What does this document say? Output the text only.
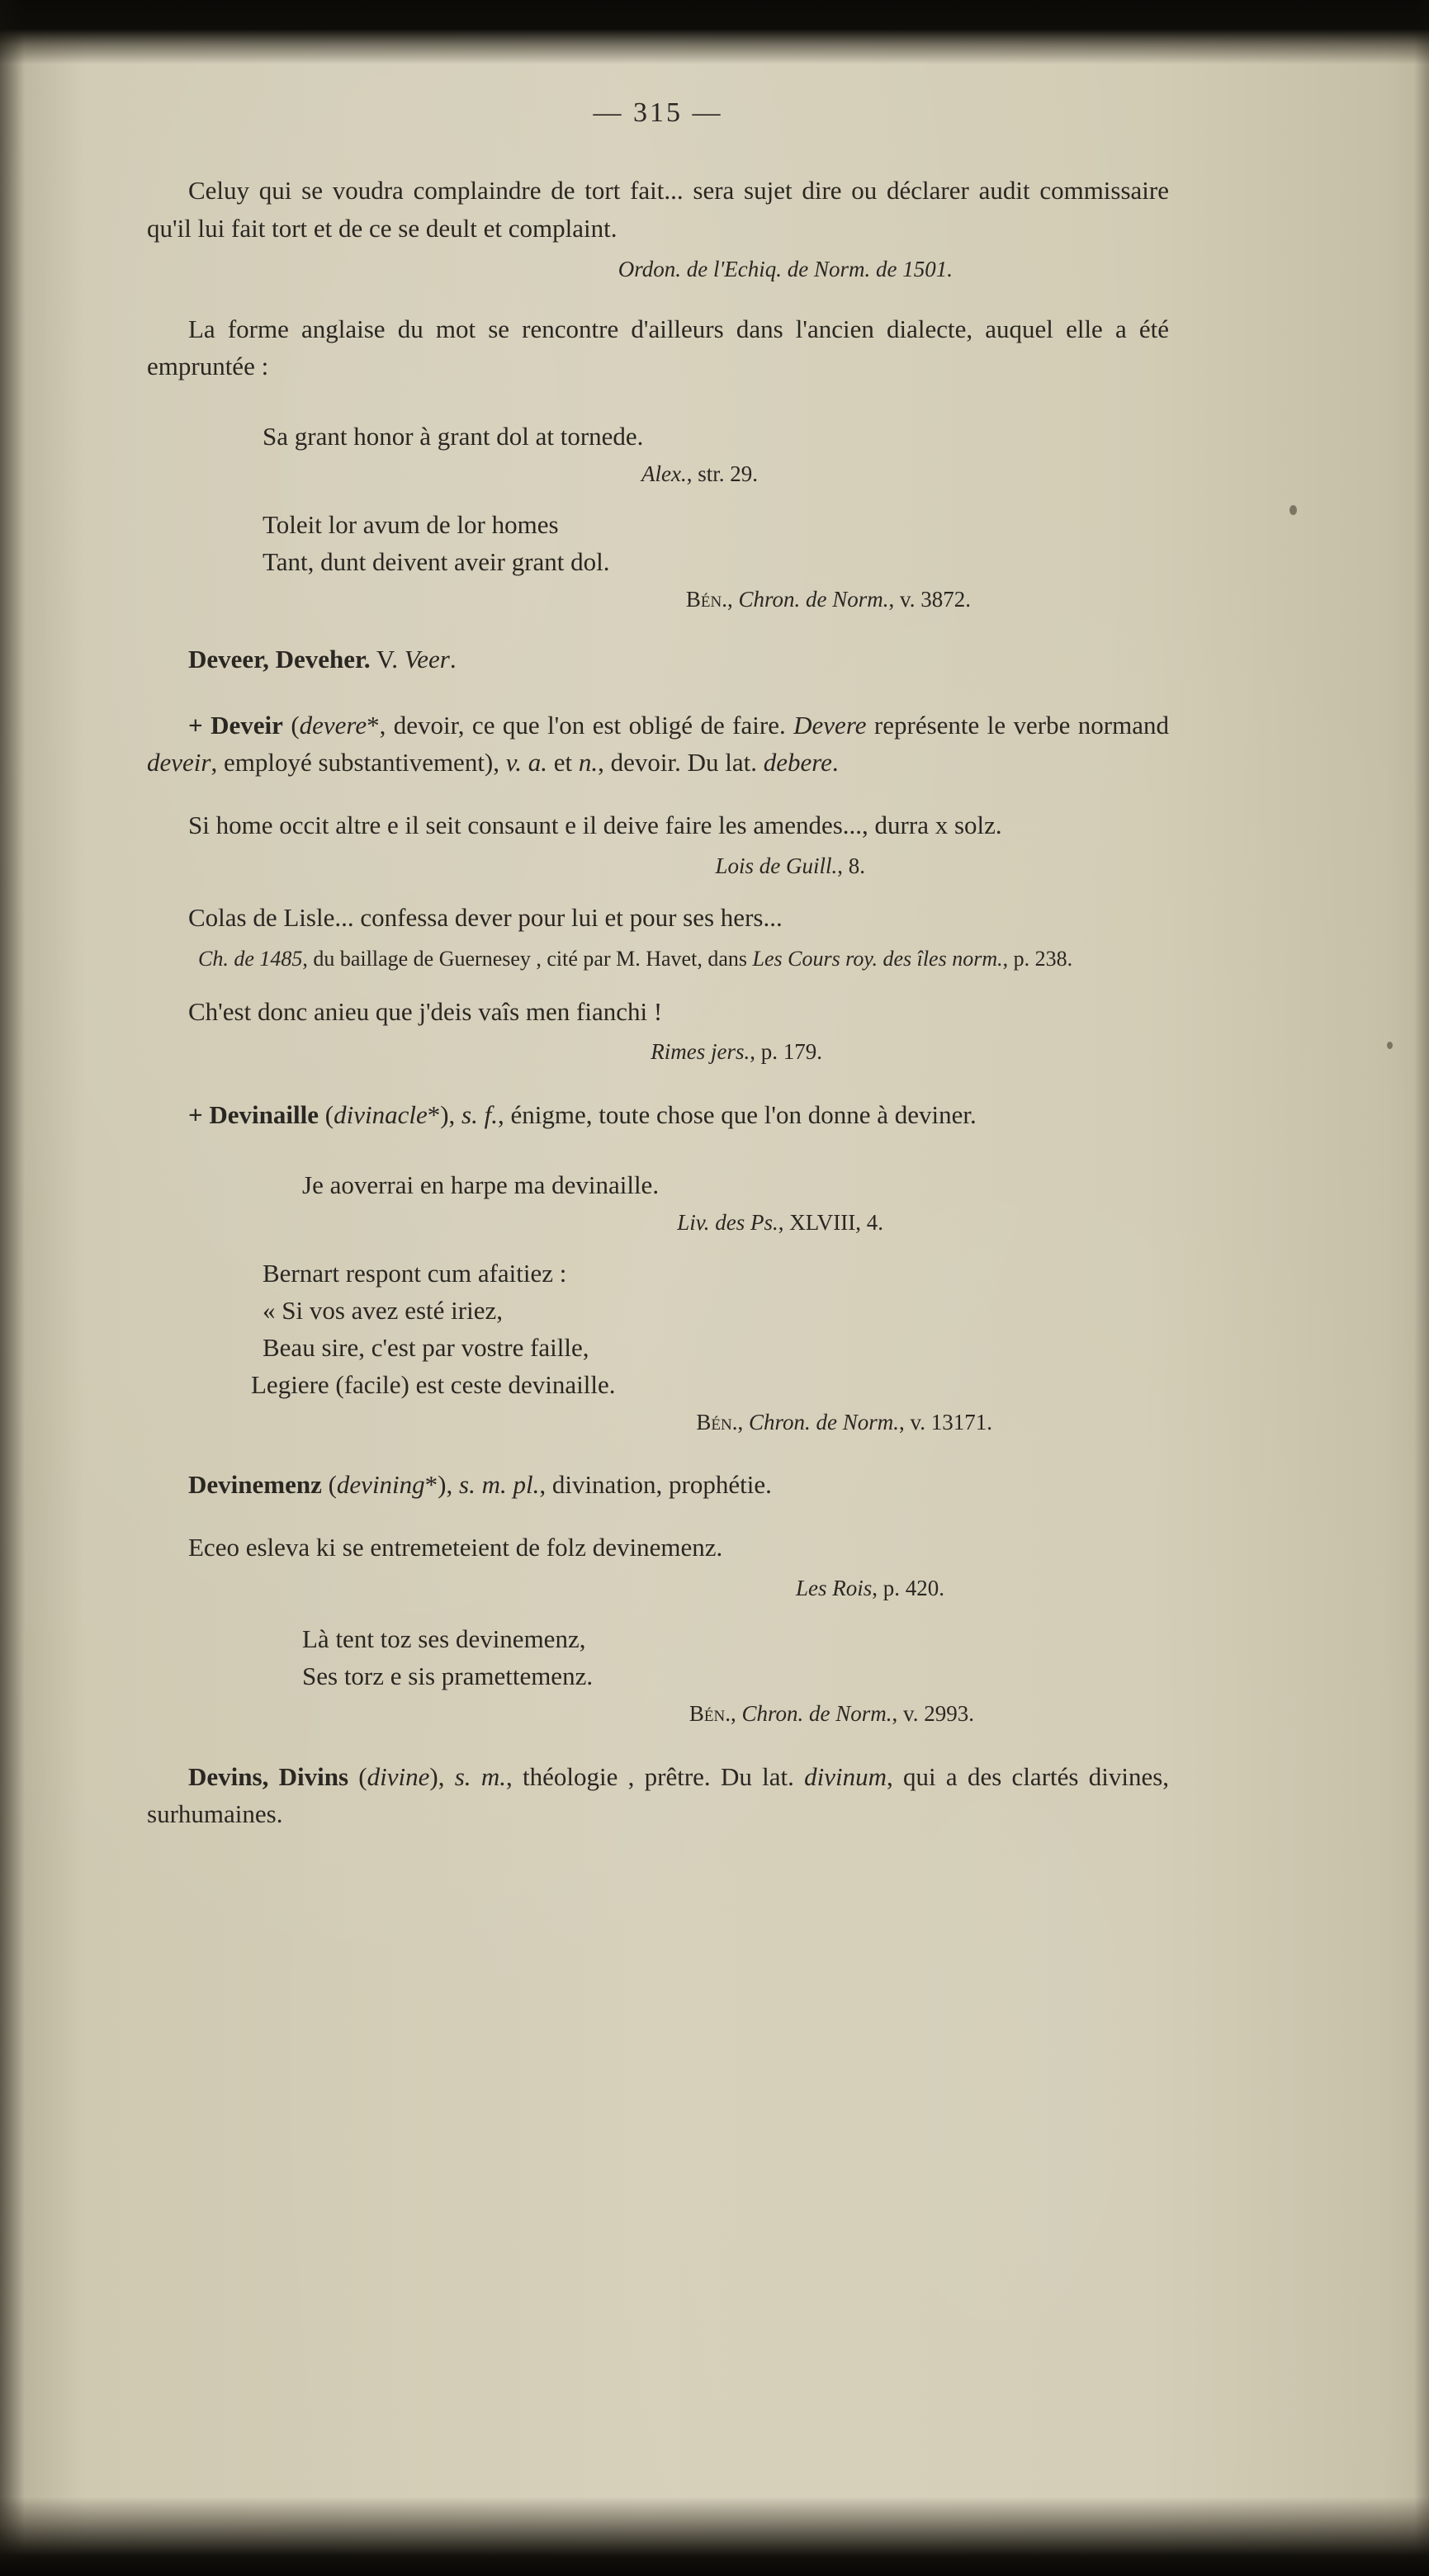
— 315 —
Celuy qui se voudra complaindre de tort fait... sera sujet dire ou déclarer audit commissaire qu'il lui fait tort et de ce se deult et complaint.
Ordon. de l'Echiq. de Norm. de 1501.
La forme anglaise du mot se rencontre d'ailleurs dans l'ancien dialecte, auquel elle a été empruntée :
Sa grant honor à grant dol at tornede.
Alex., str. 29.
Toleit lor avum de lor homes
Tant, dunt deivent aveir grant dol.
Bén., Chron. de Norm., v. 3872.
Deveer, Deveher. V. Veer.
+ Deveir (devere*, devoir, ce que l'on est obligé de faire. Devere représente le verbe normand deveir, employé substantivement), v. a. et n., devoir. Du lat. debere.
Si home occit altre e il seit consaunt e il deive faire les amendes..., durra x solz.
Lois de Guill., 8.
Colas de Lisle... confessa dever pour lui et pour ses hers...
Ch. de 1485, du baillage de Guernesey , cité par M. Havet, dans Les Cours roy. des îles norm., p. 238.
Ch'est donc anieu que j'deis vaîs men fianchi !
Rimes jers., p. 179.
+ Devinaille (divinacle*), s. f., énigme, toute chose que l'on donne à deviner.
Je aoverrai en harpe ma devinaille.
Liv. des Ps., XLVIII, 4.
Bernart respont cum afaitiez :
« Si vos avez esté iriez,
Beau sire, c'est par vostre faille,
Legiere (facile) est ceste devinaille.
Bén., Chron. de Norm., v. 13171.
Devinemenz (devining*), s. m. pl., divination, prophétie.
Eceo esleva ki se entremeteient de folz devinemenz.
Les Rois, p. 420.
Là tent toz ses devinemenz,
Ses torz e sis pramettemenz.
Bén., Chron. de Norm., v. 2993.
Devins, Divins (divine), s. m., théologie , prêtre. Du lat. divinum, qui a des clartés divines, surhumaines.
